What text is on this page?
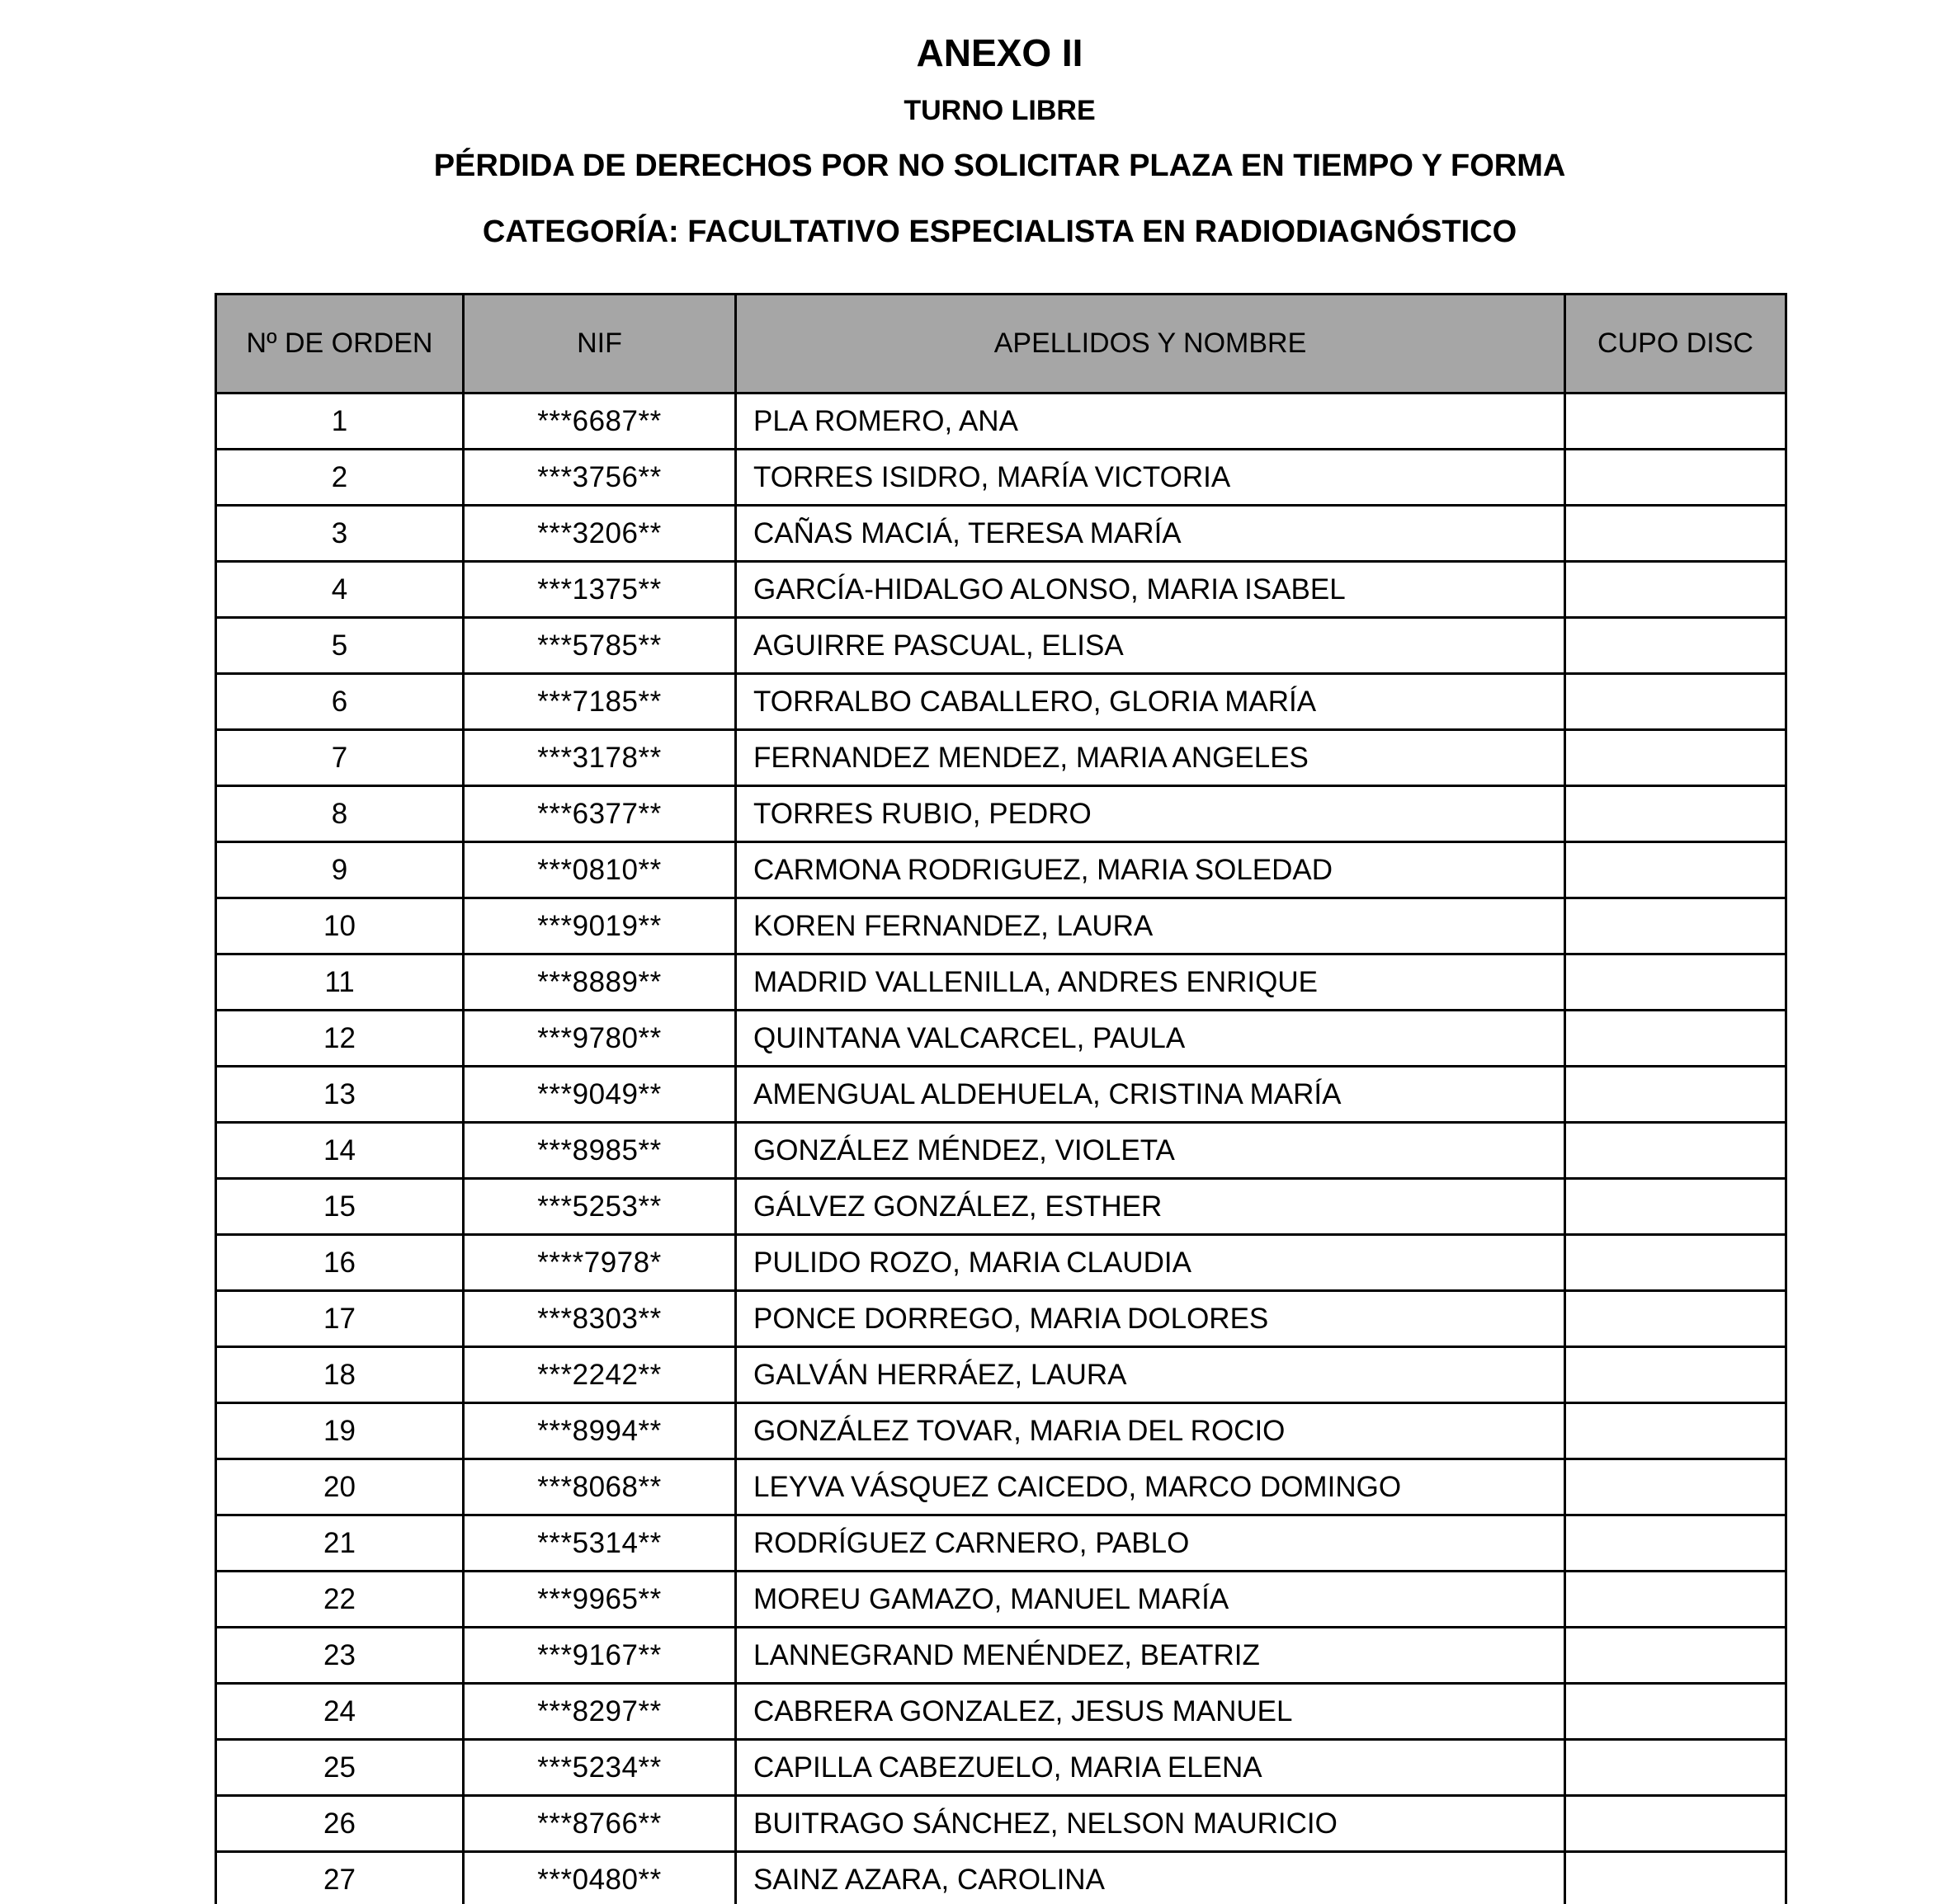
ANEXO II
TURNO LIBRE
PÉRDIDA DE DERECHOS POR NO SOLICITAR PLAZA EN TIEMPO Y FORMA
CATEGORÍA: FACULTATIVO ESPECIALISTA EN RADIODIAGNÓSTICO
Nº DE ORDEN	NIF	APELLIDOS Y NOMBRE	CUPO DISC
1	***6687**	PLA ROMERO, ANA	
2	***3756**	TORRES ISIDRO, MARÍA VICTORIA	
3	***3206**	CAÑAS MACIÁ, TERESA MARÍA	
4	***1375**	GARCÍA-HIDALGO ALONSO, MARIA ISABEL	
5	***5785**	AGUIRRE PASCUAL, ELISA	
6	***7185**	TORRALBO CABALLERO, GLORIA MARÍA	
7	***3178**	FERNANDEZ MENDEZ, MARIA ANGELES	
8	***6377**	TORRES RUBIO, PEDRO	
9	***0810**	CARMONA RODRIGUEZ, MARIA SOLEDAD	
10	***9019**	KOREN FERNANDEZ, LAURA	
11	***8889**	MADRID VALLENILLA, ANDRES ENRIQUE	
12	***9780**	QUINTANA VALCARCEL, PAULA	
13	***9049**	AMENGUAL ALDEHUELA, CRISTINA MARÍA	
14	***8985**	GONZÁLEZ MÉNDEZ, VIOLETA	
15	***5253**	GÁLVEZ GONZÁLEZ, ESTHER	
16	****7978*	PULIDO ROZO, MARIA CLAUDIA	
17	***8303**	PONCE DORREGO, MARIA DOLORES	
18	***2242**	GALVÁN HERRÁEZ, LAURA	
19	***8994**	GONZÁLEZ TOVAR, MARIA DEL ROCIO	
20	***8068**	LEYVA VÁSQUEZ CAICEDO, MARCO DOMINGO	
21	***5314**	RODRÍGUEZ CARNERO, PABLO	
22	***9965**	MOREU GAMAZO, MANUEL MARÍA	
23	***9167**	LANNEGRAND MENÉNDEZ, BEATRIZ	
24	***8297**	CABRERA GONZALEZ, JESUS MANUEL	
25	***5234**	CAPILLA CABEZUELO, MARIA ELENA	
26	***8766**	BUITRAGO SÁNCHEZ, NELSON MAURICIO	
27	***0480**	SAINZ AZARA, CAROLINA	
